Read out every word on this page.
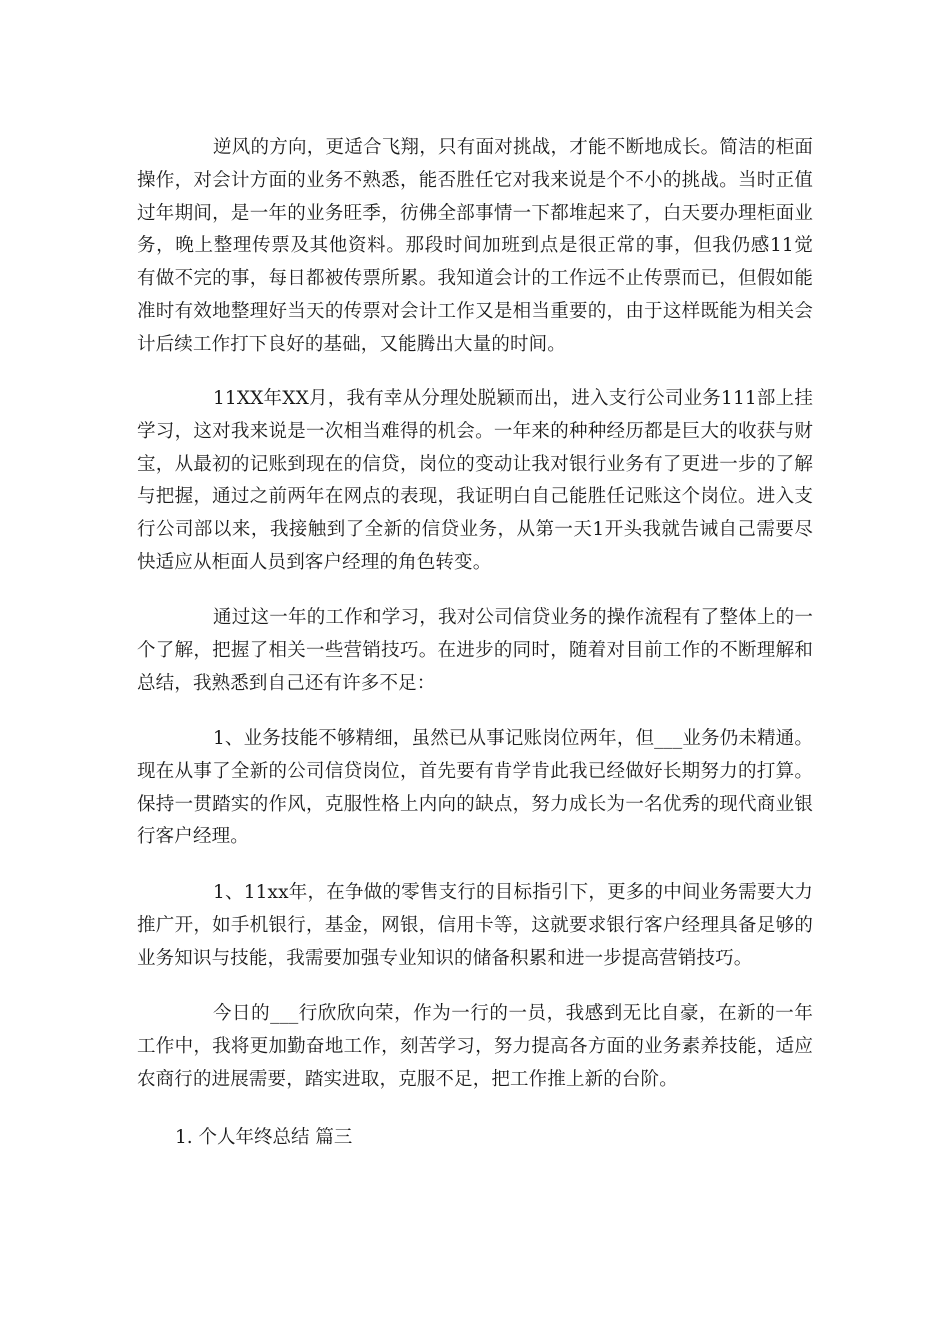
逆风的方向，更适合飞翔，只有面对挑战，才能不断地成长。简洁的柜面操作，对会计方面的业务不熟悉，能否胜任它对我来说是个不小的挑战。当时正值过年期间，是一年的业务旺季，彷佛全部事情一下都堆起来了，白天要办理柜面业务，晚上整理传票及其他资料。那段时间加班到点是很正常的事，但我仍感11觉有做不完的事，每日都被传票所累。我知道会计的工作远不止传票而已，但假如能准时有效地整理好当天的传票对会计工作又是相当重要的，由于这样既能为相关会计后续工作打下良好的基础，又能腾出大量的时间。

11XX年XX月，我有幸从分理处脱颖而出，进入支行公司业务111部上挂学习，这对我来说是一次相当难得的机会。一年来的种种经历都是巨大的收获与财宝，从最初的记账到现在的信贷，岗位的变动让我对银行业务有了更进一步的了解与把握，通过之前两年在网点的表现，我证明白自己能胜任记账这个岗位。进入支行公司部以来，我接触到了全新的信贷业务，从第一天1开头我就告诫自己需要尽快适应从柜面人员到客户经理的角色转变。

通过这一年的工作和学习，我对公司信贷业务的操作流程有了整体上的一个了解，把握了相关一些营销技巧。在进步的同时，随着对目前工作的不断理解和总结，我熟悉到自己还有许多不足：

1、业务技能不够精细，虽然已从事记账岗位两年，但___业务仍未精通。现在从事了全新的公司信贷岗位，首先要有肯学肯此我已经做好长期努力的打算。保持一贯踏实的作风，克服性格上内向的缺点，努力成长为一名优秀的现代商业银行客户经理。

1、11xx年，在争做的零售支行的目标指引下，更多的中间业务需要大力推广开，如手机银行，基金，网银，信用卡等，这就要求银行客户经理具备足够的业务知识与技能，我需要加强专业知识的储备积累和进一步提高营销技巧。

今日的___行欣欣向荣，作为一行的一员，我感到无比自豪，在新的一年工作中，我将更加勤奋地工作，刻苦学习，努力提高各方面的业务素养技能，适应农商行的进展需要，踏实进取，克服不足，把工作推上新的台阶。

1. 个人年终总结 篇三
